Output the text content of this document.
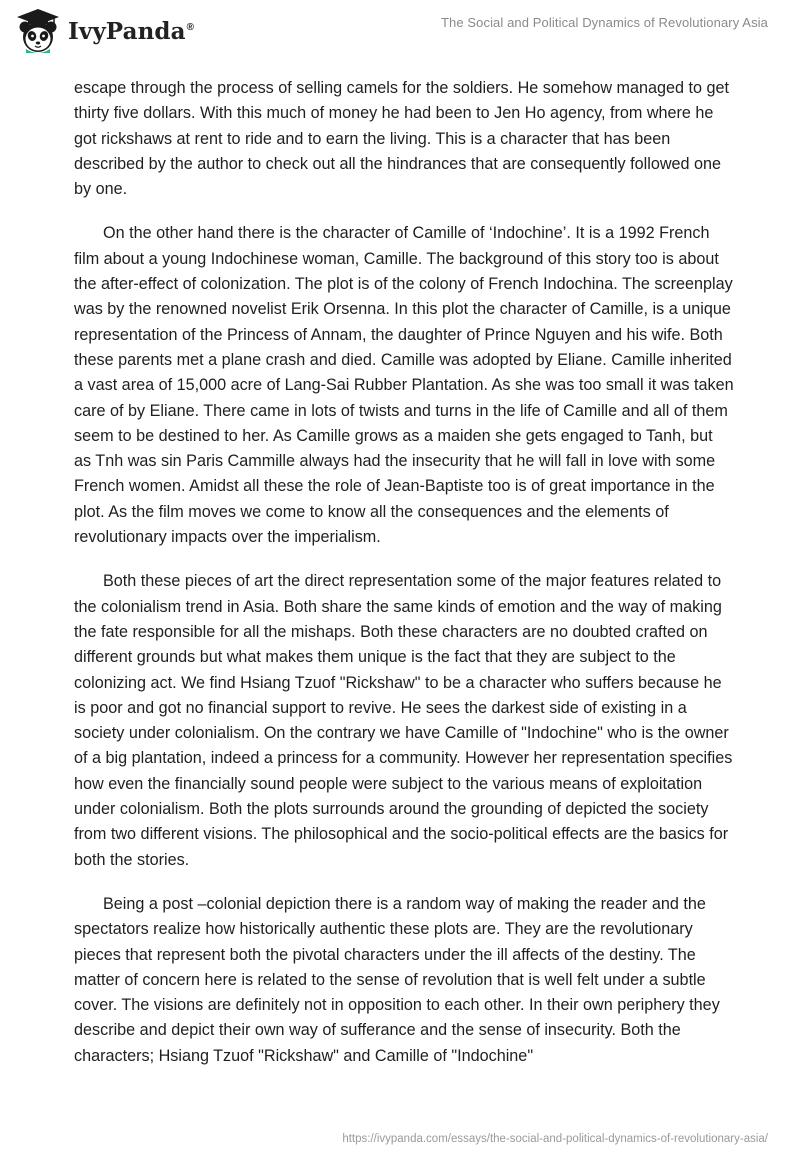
IvyPanda®	The Social and Political Dynamics of Revolutionary Asia

escape through the process of selling camels for the soldiers. He somehow managed to get thirty five dollars. With this much of money he had been to Jen Ho agency, from where he got rickshaws at rent to ride and to earn the living. This is a character that has been described by the author to check out all the hindrances that are consequently followed one by one.

On the other hand there is the character of Camille of ‘Indochine’. It is a 1992 French film about a young Indochinese woman, Camille. The background of this story too is about the after-effect of colonization. The plot is of the colony of French Indochina. The screenplay was by the renowned novelist Erik Orsenna. In this plot the character of Camille, is a unique representation of the Princess of Annam, the daughter of Prince Nguyen and his wife. Both these parents met a plane crash and died. Camille was adopted by Eliane. Camille inherited a vast area of 15,000 acre of Lang-Sai Rubber Plantation. As she was too small it was taken care of by Eliane. There came in lots of twists and turns in the life of Camille and all of them seem to be destined to her. As Camille grows as a maiden she gets engaged to Tanh, but as Tnh was sin Paris Cammille always had the insecurity that he will fall in love with some French women. Amidst all these the role of Jean-Baptiste too is of great importance in the plot. As the film moves we come to know all the consequences and the elements of revolutionary impacts over the imperialism.

Both these pieces of art the direct representation some of the major features related to the colonialism trend in Asia. Both share the same kinds of emotion and the way of making the fate responsible for all the mishaps. Both these characters are no doubted crafted on different grounds but what makes them unique is the fact that they are subject to the colonizing act. We find Hsiang Tzuof "Rickshaw" to be a character who suffers because he is poor and got no financial support to revive. He sees the darkest side of existing in a society under colonialism. On the contrary we have Camille of "Indochine" who is the owner of a big plantation, indeed a princess for a community. However her representation specifies how even the financially sound people were subject to the various means of exploitation under colonialism. Both the plots surrounds around the grounding of depicted the society from two different visions. The philosophical and the socio-political effects are the basics for both the stories.

Being a post –colonial depiction there is a random way of making the reader and the spectators realize how historically authentic these plots are. They are the revolutionary pieces that represent both the pivotal characters under the ill affects of the destiny. The matter of concern here is related to the sense of revolution that is well felt under a subtle cover. The visions are definitely not in opposition to each other. In their own periphery they describe and depict their own way of sufferance and the sense of insecurity. Both the characters; Hsiang Tzuof "Rickshaw" and Camille of "Indochine"

https://ivypanda.com/essays/the-social-and-political-dynamics-of-revolutionary-asia/
